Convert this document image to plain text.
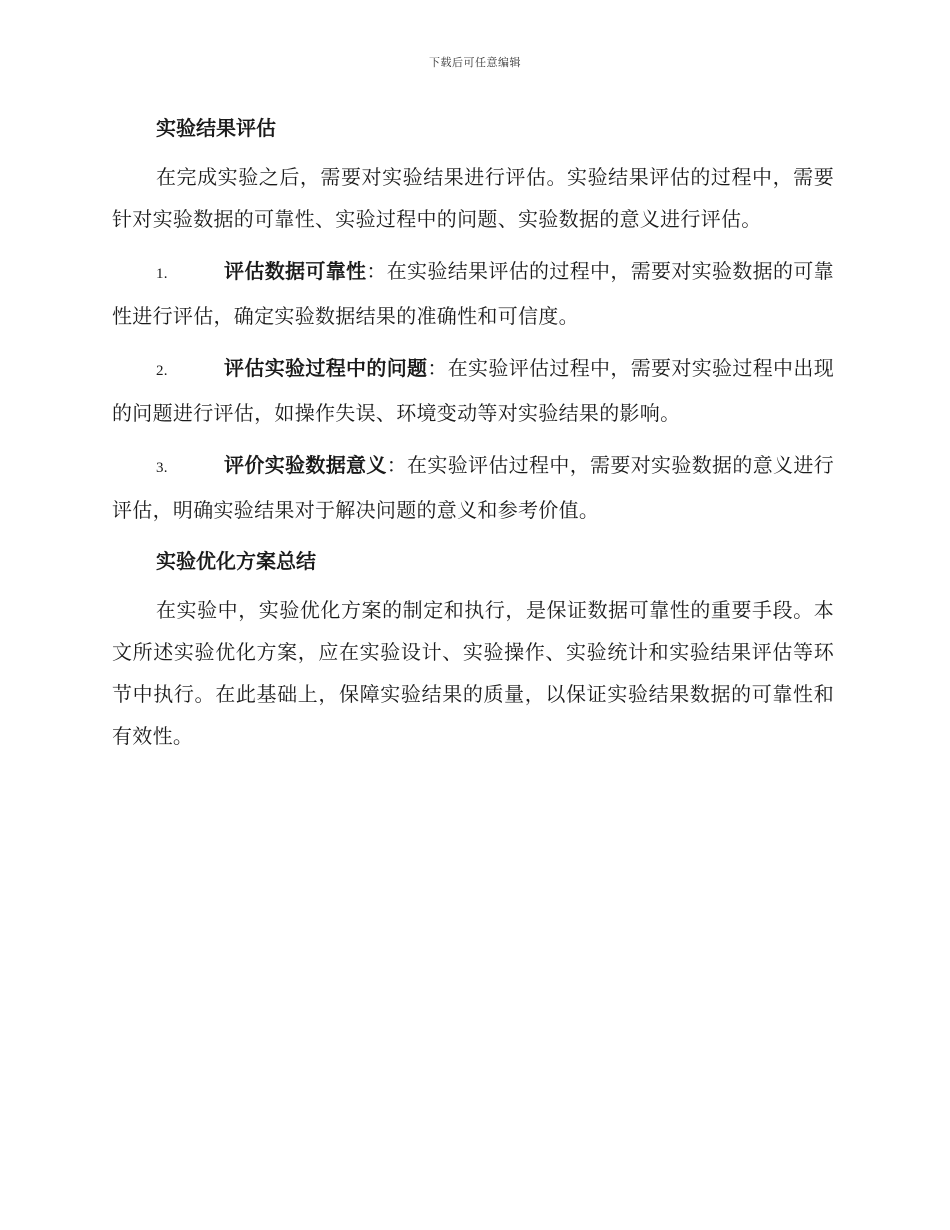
下载后可任意编辑
实验结果评估

在完成实验之后，需要对实验结果进行评估。实验结果评估的过程中，需要针对实验数据的可靠性、实验过程中的问题、实验数据的意义进行评估。

1.	评估数据可靠性：在实验结果评估的过程中，需要对实验数据的可靠性进行评估，确定实验数据结果的准确性和可信度。

2.	评估实验过程中的问题：在实验评估过程中，需要对实验过程中出现的问题进行评估，如操作失误、环境变动等对实验结果的影响。

3.	评价实验数据意义：在实验评估过程中，需要对实验数据的意义进行评估，明确实验结果对于解决问题的意义和参考价值。

实验优化方案总结

在实验中，实验优化方案的制定和执行，是保证数据可靠性的重要手段。本文所述实验优化方案，应在实验设计、实验操作、实验统计和实验结果评估等环节中执行。在此基础上，保障实验结果的质量，以保证实验结果数据的可靠性和有效性。
